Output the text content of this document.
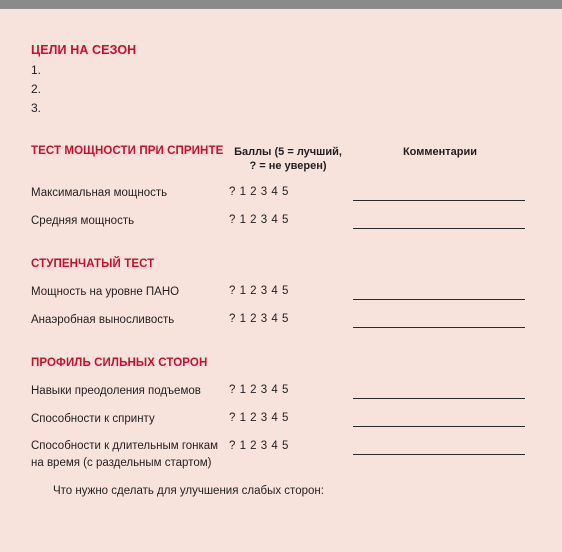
ЦЕЛИ НА СЕЗОН
1.
2.
3.
ТЕСТ МОЩНОСТИ ПРИ СПРИНТЕ Баллы (5 = лучший,
? = не уверен)
Комментарии
Максимальная мощность	? 1 2 3 4 5
Средняя мощность	? 1 2 3 4 5
СТУПЕНЧАТЫЙ ТЕСТ
Мощность на уровне ПАНО	? 1 2 3 4 5
Анаэробная выносливость	? 1 2 3 4 5
ПРОФИЛЬ СИЛЬНЫХ СТОРОН
Навыки преодоления подъемов ? 1 2 3 4 5
Способности к спринту	? 1 2 3 4 5
Способности к длительным гонкам
на время (с раздельным стартом)
? 1 2 3 4 5
Что нужно сделать для улучшения слабых сторон:
